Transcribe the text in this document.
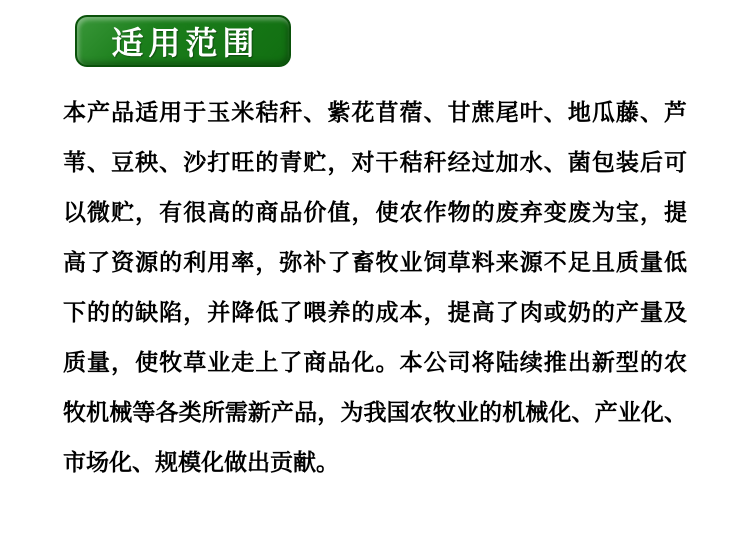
适用范围
本产品适用于玉米秸秆、紫花苜蓿、甘蔗尾叶、地瓜藤、芦
苇、豆秧、沙打旺的青贮，对干秸秆经过加水、菌包装后可
以微贮，有很高的商品价值，使农作物的废弃变废为宝，提
高了资源的利用率，弥补了畜牧业饲草料来源不足且质量低
下的的缺陷，并降低了喂养的成本，提高了肉或奶的产量及
质量，使牧草业走上了商品化。本公司将陆续推出新型的农
牧机械等各类所需新产品，为我国农牧业的机械化、产业化、
市场化、规模化做出贡献。
